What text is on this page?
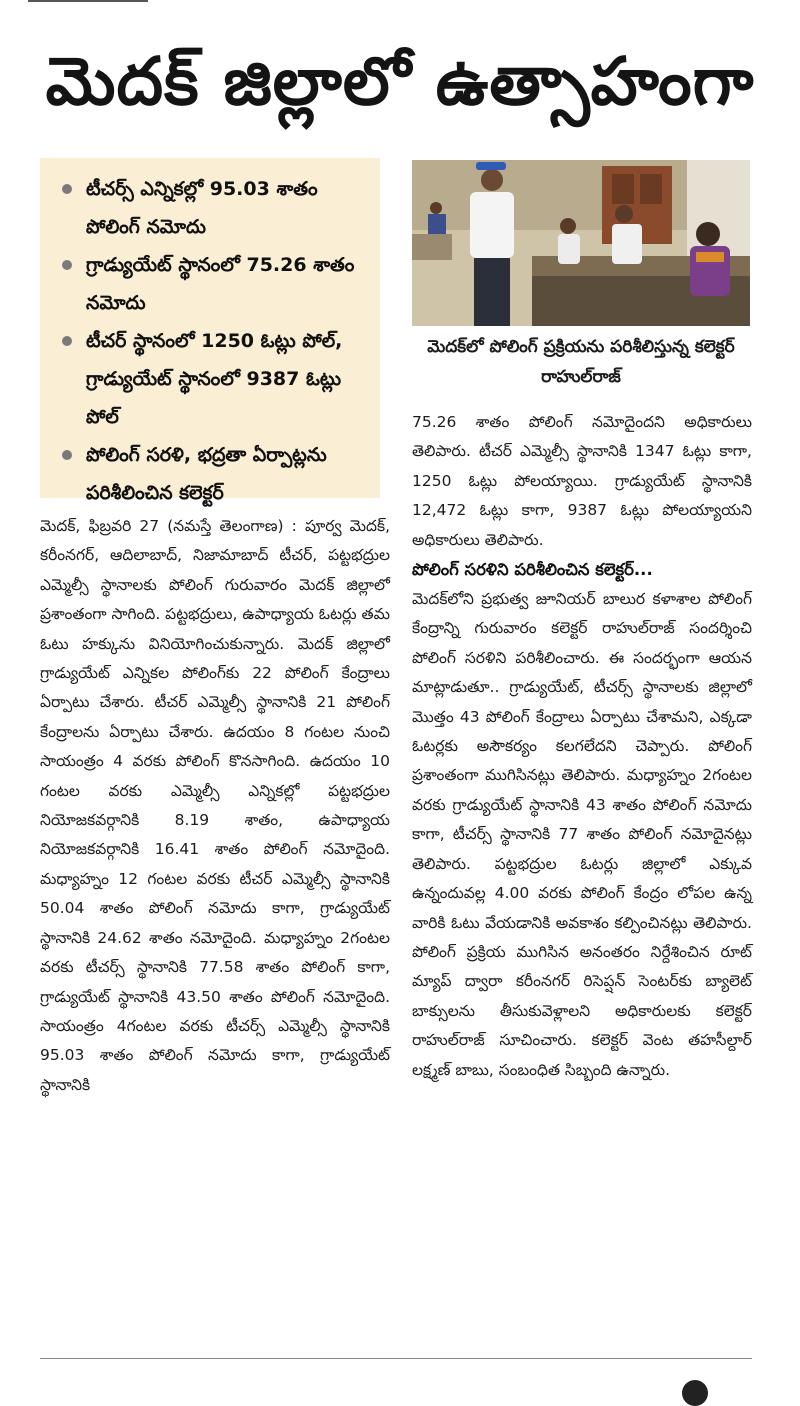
మెదక్ జిల్లాలో ఉత్సాహంగా
టీచర్స్ ఎన్నికల్లో 95.03 శాతం పోలింగ్ నమోదు
గ్రాడ్యుయేట్ స్థానంలో 75.26 శాతం నమోదు
టీచర్ స్థానంలో 1250 ఓట్లు పోల్, గ్రాడ్యుయేట్ స్థానంలో 9387 ఓట్లు పోల్
పోలింగ్ సరళి, భద్రతా ఏర్పాట్లను పరిశీలించిన కలెక్టర్
మెదక్‌లో పోలింగ్ ప్రక్రియను పరిశీలిస్తున్న కలెక్టర్ రాహుల్‌రాజ్
మెదక్, ఫిబ్రవరి 27 (నమస్తే తెలంగాణ) : పూర్వ మెదక్, కరీంనగర్, ఆదిలాబాద్, నిజామాబాద్ టీచర్, పట్టభద్రుల ఎమ్మెల్సీ స్థానాలకు పోలింగ్ గురువారం మెదక్ జిల్లాలో ప్రశాంతంగా సాగింది. పట్టభద్రులు, ఉపాధ్యాయ ఓటర్లు తమ ఓటు హక్కును వినియోగించుకున్నారు. మెదక్ జిల్లాలో గ్రాడ్యుయేట్ ఎన్నికల పోలింగ్‌కు 22 పోలింగ్ కేంద్రాలు ఏర్పాటు చేశారు. టీచర్ ఎమ్మెల్సీ స్థానానికి 21 పోలింగ్ కేంద్రాలను ఏర్పాటు చేశారు. ఉదయం 8 గంటల నుంచి సాయంత్రం 4 వరకు పోలింగ్ కొనసాగింది. ఉదయం 10 గంటల వరకు ఎమ్మెల్సీ ఎన్నికల్లో పట్టభద్రుల నియోజకవర్గానికి 8.19 శాతం, ఉపాధ్యాయ నియోజకవర్గానికి 16.41 శాతం పోలింగ్ నమోదైంది. మధ్యాహ్నం 12 గంటల వరకు టీచర్ ఎమ్మెల్సీ స్థానానికి 50.04 శాతం పోలింగ్ నమోదు కాగా, గ్రాడ్యుయేట్ స్థానానికి 24.62 శాతం నమోదైంది. మధ్యాహ్నం 2గంటల వరకు టీచర్స్ స్థానానికి 77.58 శాతం పోలింగ్ కాగా, గ్రాడ్యుయేట్ స్థానానికి 43.50 శాతం పోలింగ్ నమోదైంది. సాయంత్రం 4గంటల వరకు టీచర్స్ ఎమ్మెల్సీ స్థానానికి 95.03 శాతం పోలింగ్ నమోదు కాగా, గ్రాడ్యుయేట్ స్థానానికి
75.26 శాతం పోలింగ్ నమోదైందని అధికారులు తెలిపారు. టీచర్ ఎమ్మెల్సీ స్థానానికి 1347 ఓట్లు కాగా, 1250 ఓట్లు పోలయ్యాయి. గ్రాడ్యుయేట్ స్థానానికి 12,472 ఓట్లు కాగా, 9387 ఓట్లు పోలయ్యాయని అధికారులు తెలిపారు.
పోలింగ్ సరళిని పరిశీలించిన కలెక్టర్...
మెదక్‌లోని ప్రభుత్వ జూనియర్ బాలుర కళాశాల పోలింగ్ కేంద్రాన్ని గురువారం కలెక్టర్ రాహుల్‌రాజ్ సందర్శించి పోలింగ్ సరళిని పరిశీలించారు. ఈ సందర్భంగా ఆయన మాట్లాడుతూ.. గ్రాడ్యుయేట్, టీచర్స్ స్థానాలకు జిల్లాలో మొత్తం 43 పోలింగ్ కేంద్రాలు ఏర్పాటు చేశామని, ఎక్కడా ఓటర్లకు అసౌకర్యం కలగలేదని చెప్పారు. పోలింగ్ ప్రశాంతంగా ముగిసినట్లు తెలిపారు. మధ్యాహ్నం 2గంటల వరకు గ్రాడ్యుయేట్ స్థానానికి 43 శాతం పోలింగ్ నమోదు కాగా, టీచర్స్ స్థానానికి 77 శాతం పోలింగ్ నమోదైనట్లు తెలిపారు. పట్టభద్రుల ఓటర్లు జిల్లాలో ఎక్కువ ఉన్నందువల్ల 4.00 వరకు పోలింగ్ కేంద్రం లోపల ఉన్న వారికి ఓటు వేయడానికి అవకాశం కల్పించినట్లు తెలిపారు. పోలింగ్ ప్రక్రియ ముగిసిన అనంతరం నిర్దేశించిన రూట్ మ్యాప్ ద్వారా కరీంనగర్ రిసెప్షన్ సెంటర్‌కు బ్యాలెట్ బాక్సులను తీసుకువెళ్లాలని అధికారులకు కలెక్టర్ రాహుల్‌రాజ్ సూచించారు. కలెక్టర్ వెంట తహసీల్దార్ లక్ష్మణ్ బాబు, సంబంధిత సిబ్బంది ఉన్నారు.
